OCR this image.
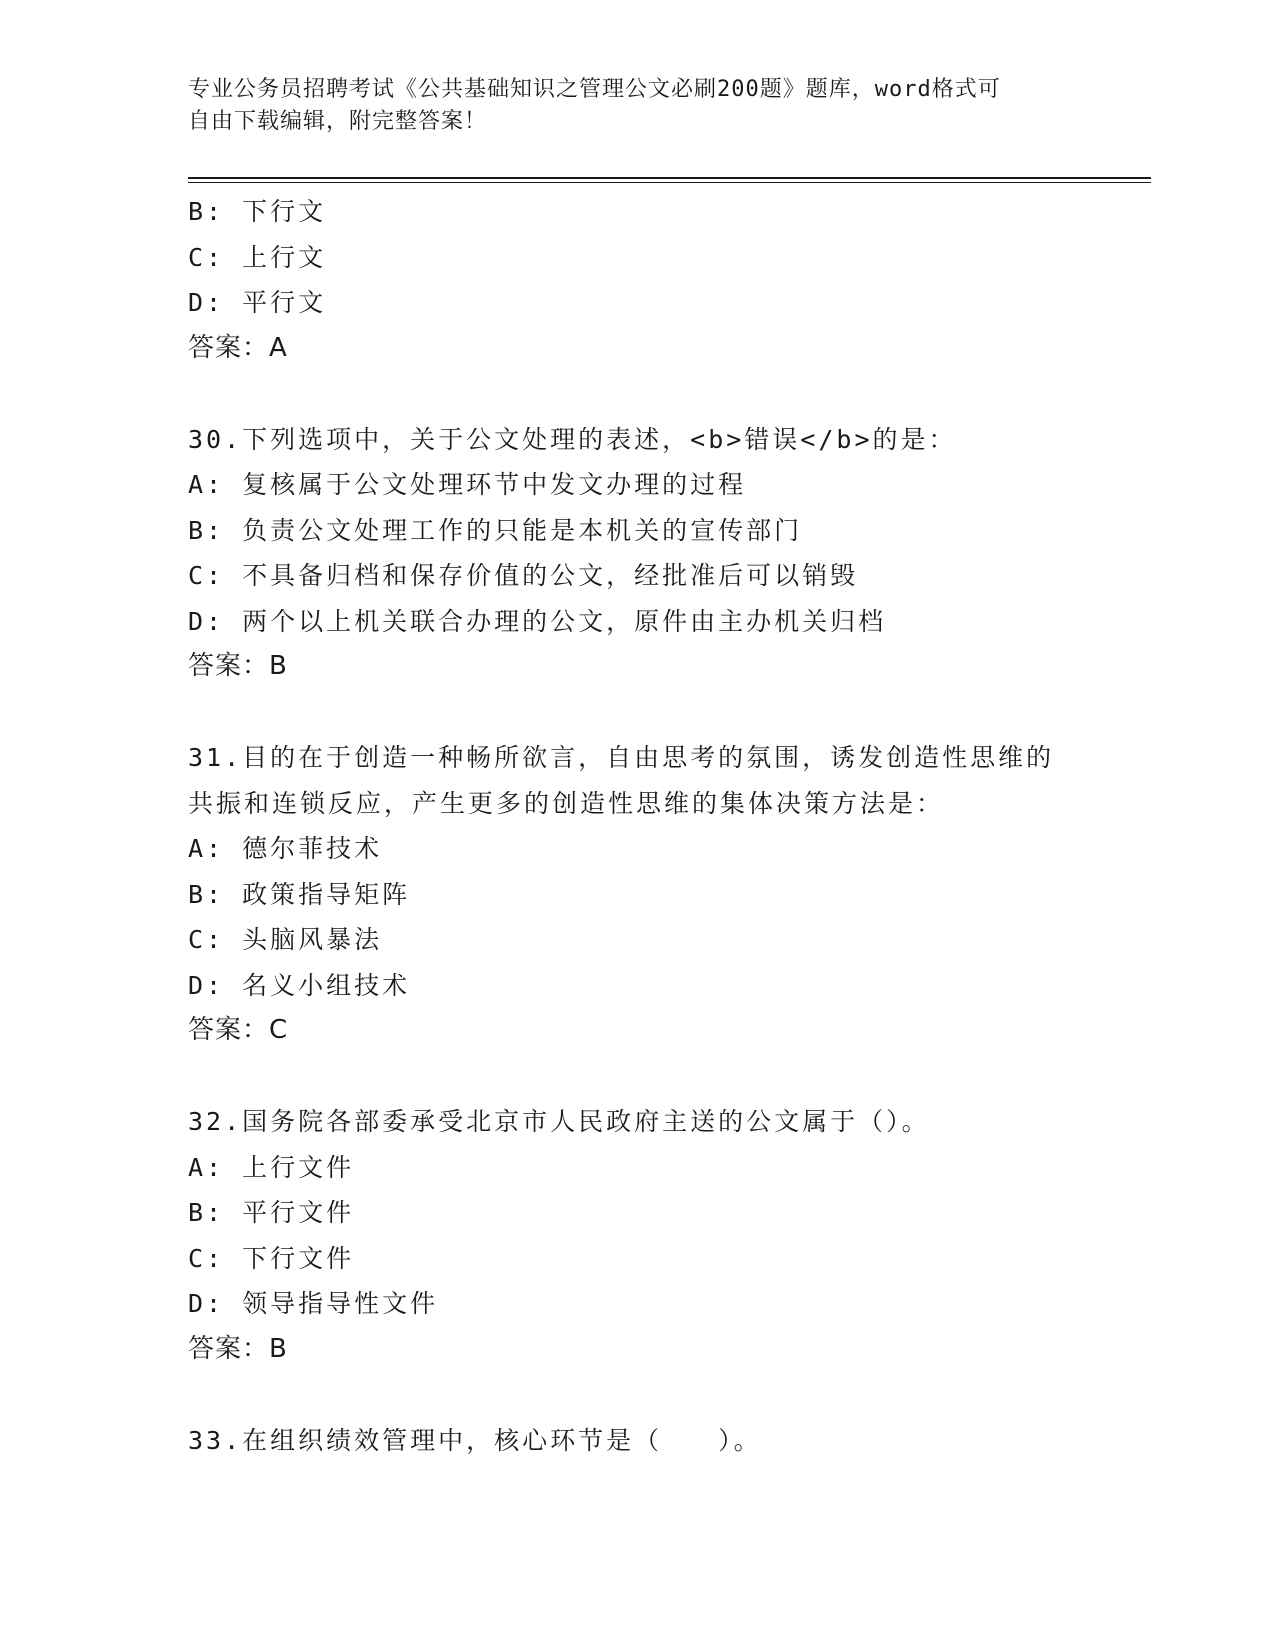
专业公务员招聘考试《公共基础知识之管理公文必刷200题》题库，word格式可
自由下载编辑，附完整答案！
B: 下行文
C: 上行文
D: 平行文
答案：A
30.下列选项中，关于公文处理的表述，<b>错误</b>的是：
A: 复核属于公文处理环节中发文办理的过程
B: 负责公文处理工作的只能是本机关的宣传部门
C: 不具备归档和保存价值的公文，经批准后可以销毁
D: 两个以上机关联合办理的公文，原件由主办机关归档
答案：B
31.目的在于创造一种畅所欲言，自由思考的氛围，诱发创造性思维的
共振和连锁反应，产生更多的创造性思维的集体决策方法是：
A: 德尔菲技术
B: 政策指导矩阵
C: 头脑风暴法
D: 名义小组技术
答案：C
32.国务院各部委承受北京市人民政府主送的公文属于（）。
A: 上行文件
B: 平行文件
C: 下行文件
D: 领导指导性文件
答案：B
33.在组织绩效管理中，核心环节是（　　）。
